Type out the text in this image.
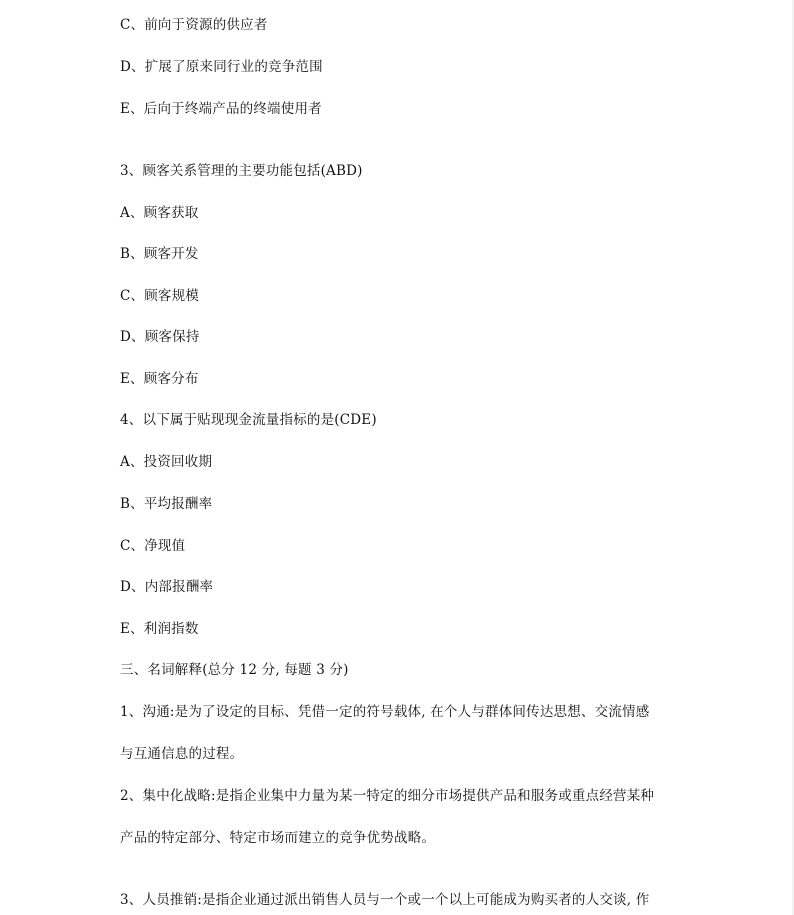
C、前向于资源的供应者
D、扩展了原来同行业的竞争范围
E、后向于终端产品的终端使用者
3、顾客关系管理的主要功能包括(ABD)
A、顾客获取
B、顾客开发
C、顾客规模
D、顾客保持
E、顾客分布
4、以下属于贴现现金流量指标的是(CDE)
A、投资回收期
B、平均报酬率
C、净现值
D、内部报酬率
E、利润指数
三、名词解释(总分 12 分, 每题 3 分)
1、沟通:是为了设定的目标、凭借一定的符号载体, 在个人与群体间传达思想、交流情感
与互通信息的过程。
2、集中化战略:是指企业集中力量为某一特定的细分市场提供产品和服务或重点经营某种
产品的特定部分、特定市场而建立的竞争优势战略。
3、人员推销:是指企业通过派出销售人员与一个或一个以上可能成为购买者的人交谈, 作
